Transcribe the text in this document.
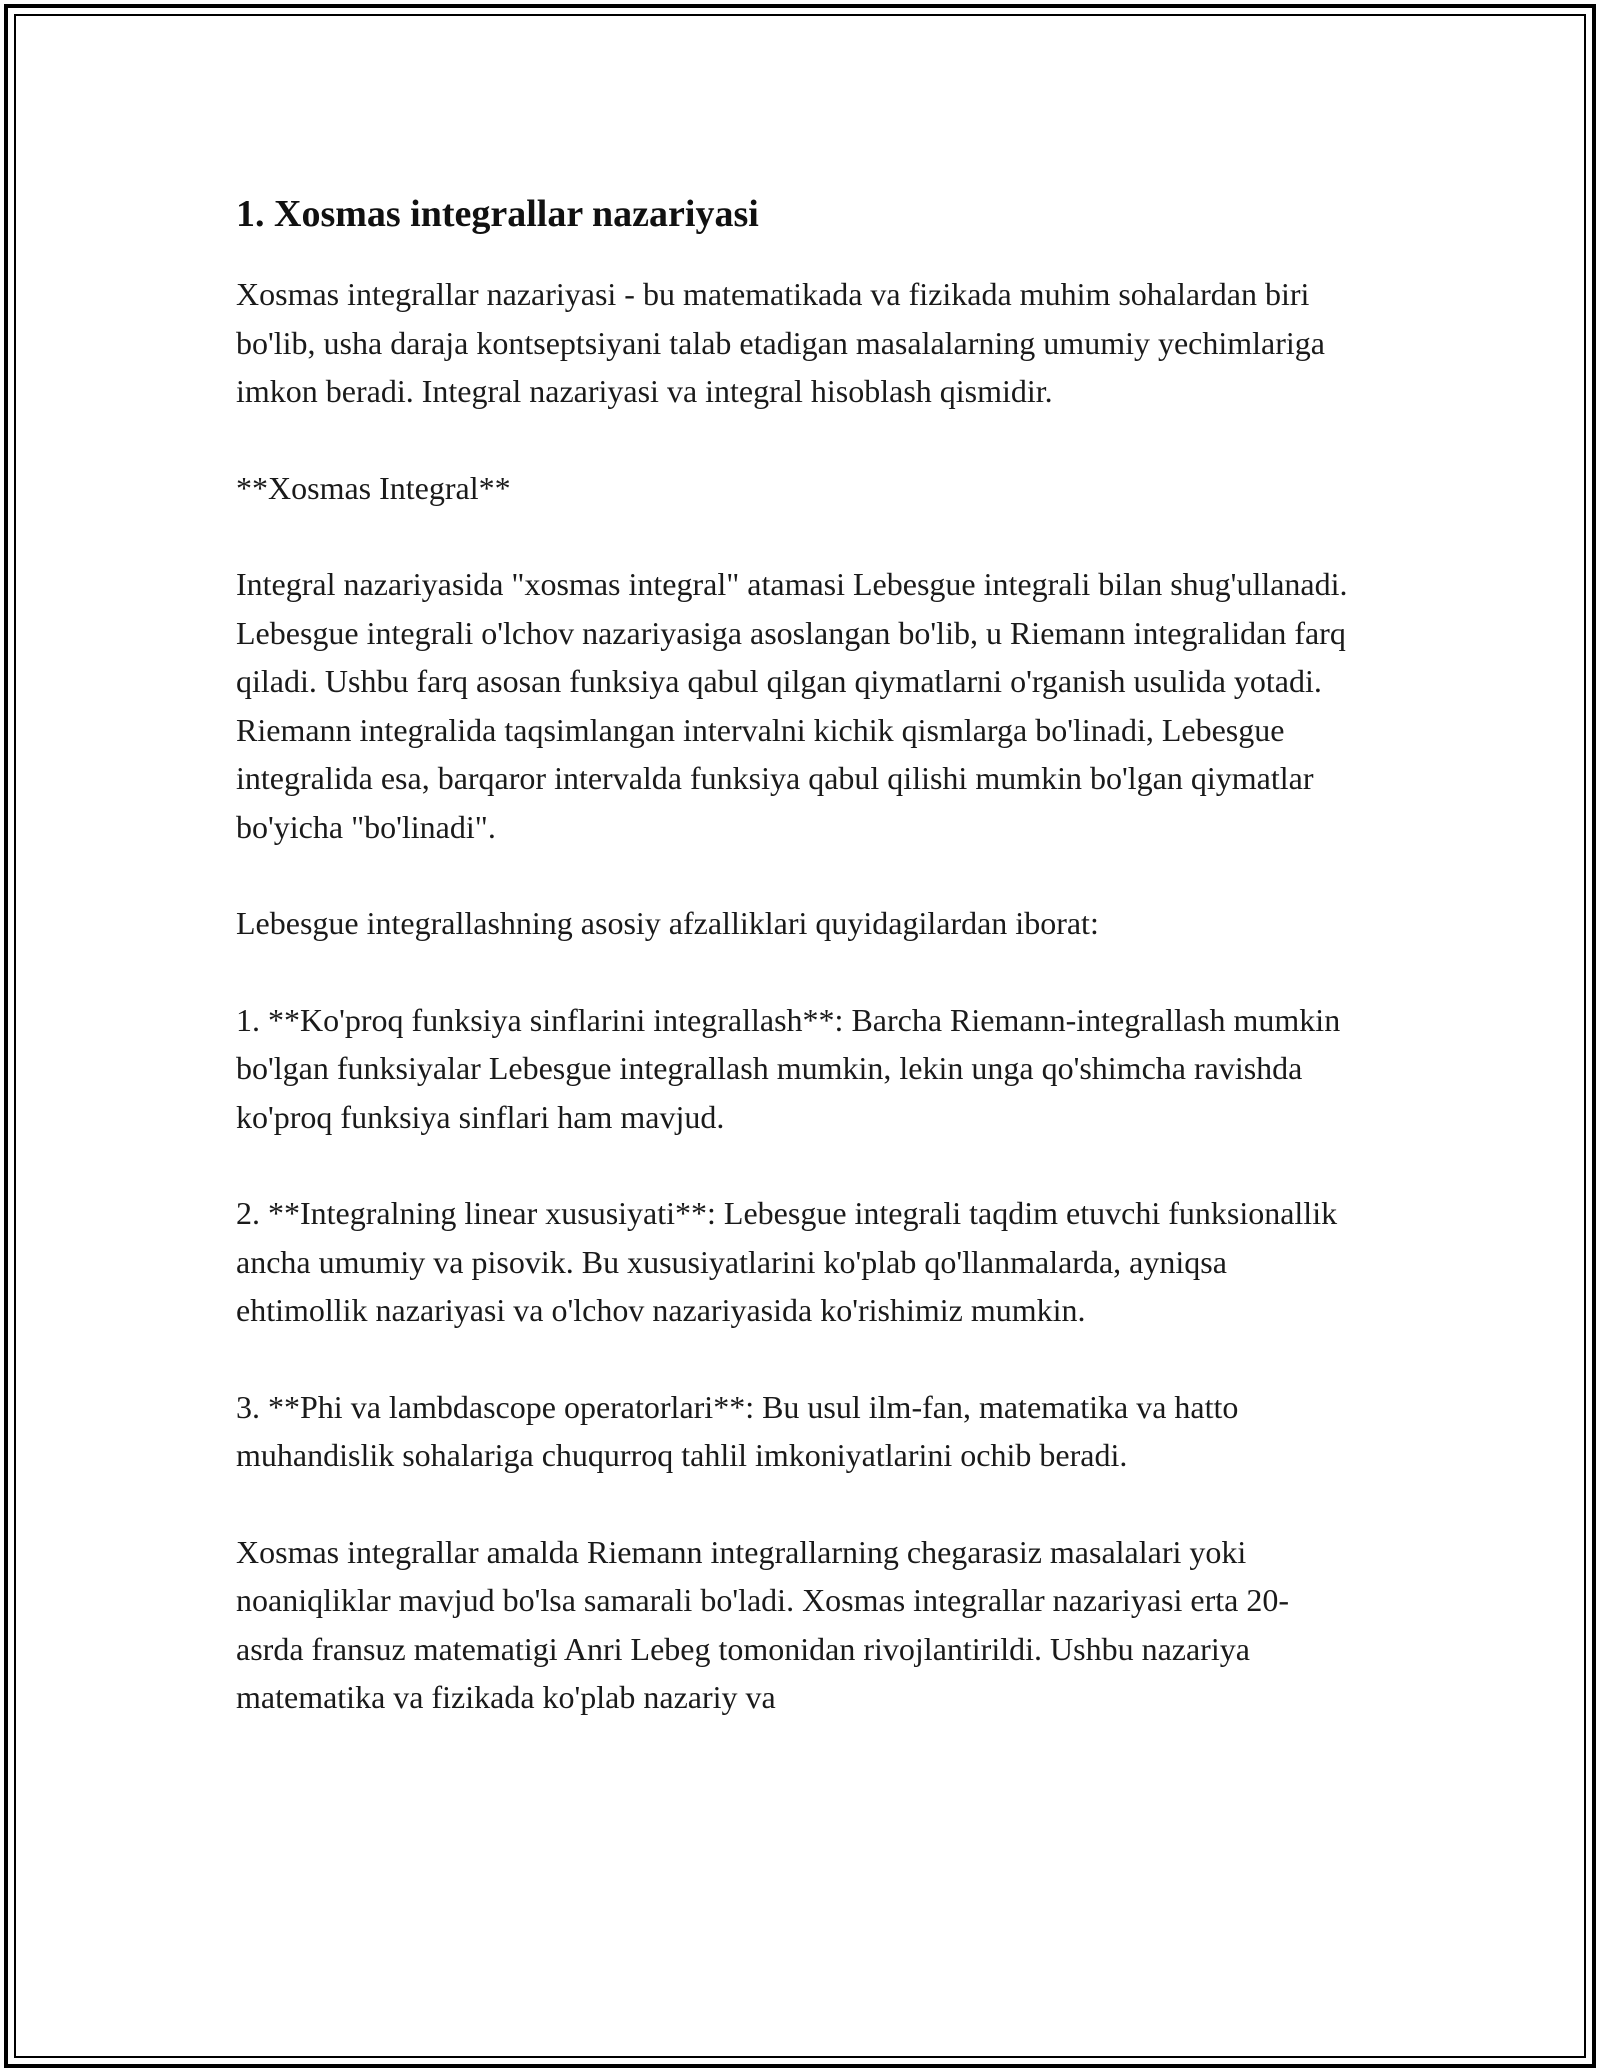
1. Xosmas integrallar nazariyasi

Xosmas integrallar nazariyasi - bu matematikada va fizikada muhim sohalardan biri bo'lib, usha daraja kontseptsiyani talab etadigan masalalarning umumiy yechimlariga imkon beradi. Integral nazariyasi va integral hisoblash qismidir.

**Xosmas Integral**

Integral nazariyasida "xosmas integral" atamasi Lebesgue integrali bilan shug'ullanadi. Lebesgue integrali o'lchov nazariyasiga asoslangan bo'lib, u Riemann integralidan farq qiladi. Ushbu farq asosan funksiya qabul qilgan qiymatlarni o'rganish usulida yotadi. Riemann integralida taqsimlangan intervalni kichik qismlarga bo'linadi, Lebesgue integralida esa, barqaror intervalda funksiya qabul qilishi mumkin bo'lgan qiymatlar bo'yicha "bo'linadi".

Lebesgue integrallashning asosiy afzalliklari quyidagilardan iborat:

1. **Ko'proq funksiya sinflarini integrallash**: Barcha Riemann-integrallash mumkin bo'lgan funksiyalar Lebesgue integrallash mumkin, lekin unga qo'shimcha ravishda ko'proq funksiya sinflari ham mavjud.

2. **Integralning linear xususiyati**: Lebesgue integrali taqdim etuvchi funksionallik ancha umumiy va pisovik. Bu xususiyatlarini ko'plab qo'llanmalarda, ayniqsa ehtimollik nazariyasi va o'lchov nazariyasida ko'rishimiz mumkin.

3. **Phi va lambdascope operatorlari**: Bu usul ilm-fan, matematika va hatto muhandislik sohalariga chuqurroq tahlil imkoniyatlarini ochib beradi.

Xosmas integrallar amalda Riemann integrallarning chegarasiz masalalari yoki noaniqliklar mavjud bo'lsa samarali bo'ladi. Xosmas integrallar nazariyasi erta 20-asrda fransuz matematigi Anri Lebeg tomonidan rivojlantirildi. Ushbu nazariya matematika va fizikada ko'plab nazariy va
